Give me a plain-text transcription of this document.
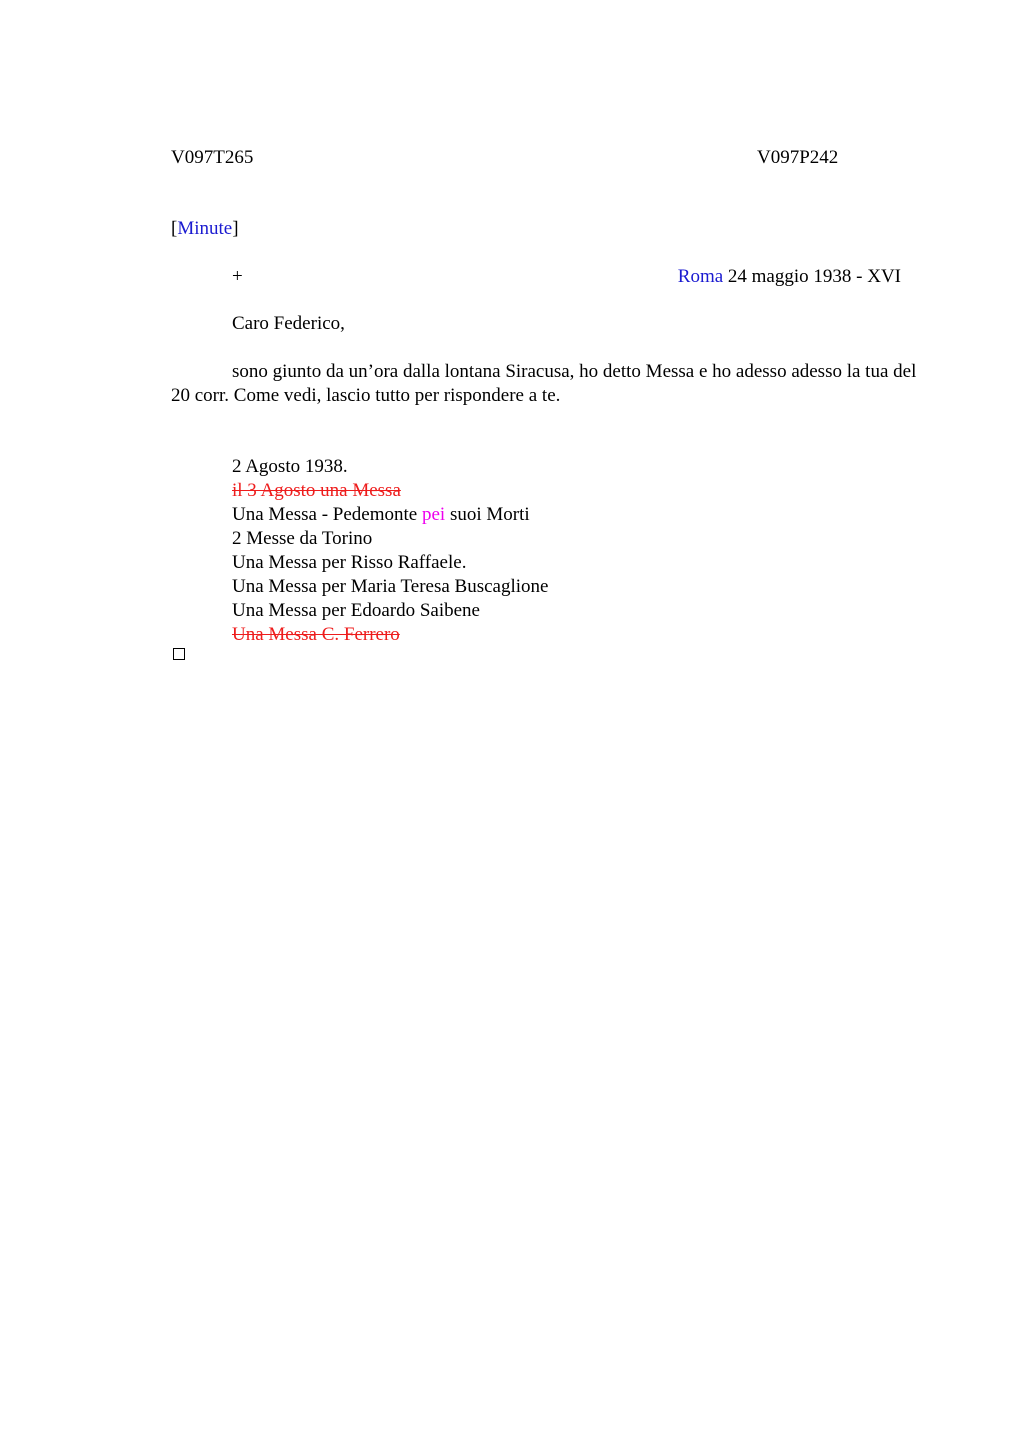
V097T265	V097P242
[Minute]
+	Roma 24 maggio 1938 - XVI
Caro Federico,
sono giunto da un’ora dalla lontana Siracusa, ho detto Messa e ho adesso adesso la tua del 20 corr. Come vedi, lascio tutto per rispondere a te.
2 Agosto 1938.
il 3 Agosto una Messa
Una Messa - Pedemonte pei suoi Morti
2 Messe da Torino
Una Messa per Risso Raffaele.
Una Messa per Maria Teresa Buscaglione
Una Messa per Edoardo Saibene
Una Messa C. Ferrero
